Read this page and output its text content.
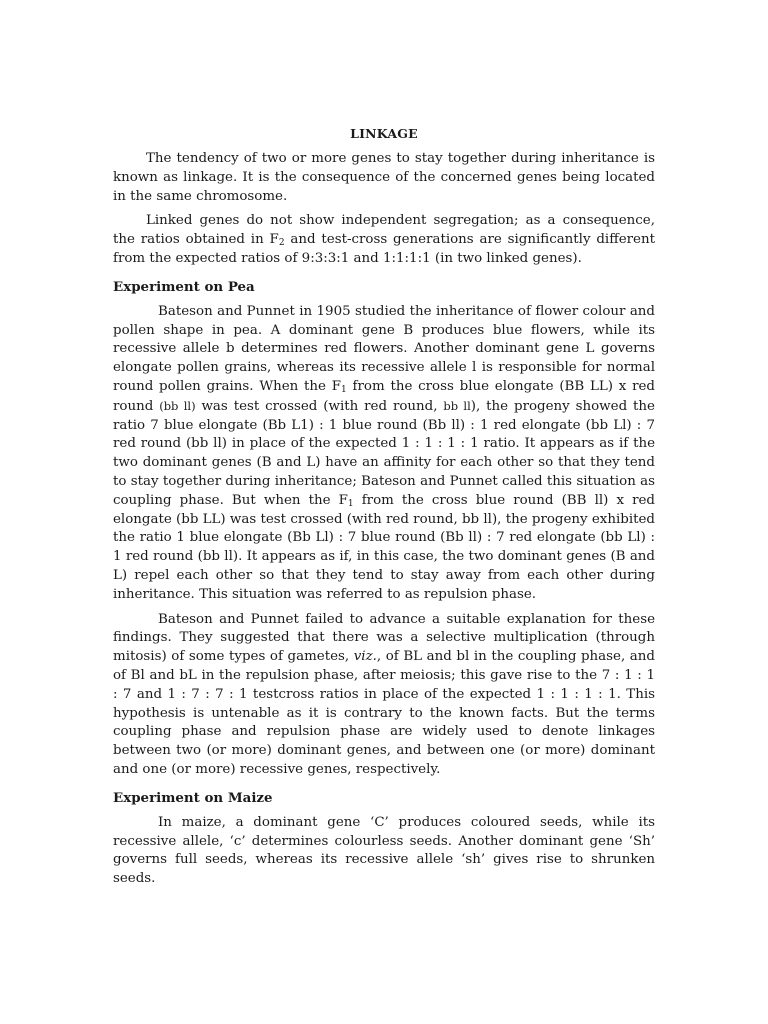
LINKAGE

The tendency of two or more genes to stay together during inheritance is known as linkage. It is the consequence of the concerned genes being located in the same chromosome.

Linked genes do not show independent segregation; as a consequence, the ratios obtained in $F_2$ and test-cross generations are significantly different from the expected ratios of 9:3:3:1 and 1:1:1:1 (in two linked genes).

Experiment on Pea

Bateson and Punnet in 1905 studied the inheritance of flower colour and pollen shape in pea. A dominant gene B produces blue flowers, while its recessive allele b determines red flowers. Another dominant gene L governs elongate pollen grains, whereas its recessive allele l is responsible for normal round pollen grains. When the $F_1$ from the cross blue elongate (BB LL) x red round (bb ll) was test crossed (with red round, bb ll), the progeny showed the ratio 7 blue elongate (Bb L1) : 1 blue round (Bb ll) : 1 red elongate (bb Ll) : 7 red round (bb ll) in place of the expected 1 : 1 : 1 : 1 ratio. It appears as if the two dominant genes (B and L) have an affinity for each other so that they tend to stay together during inheritance; Bateson and Punnet called this situation as coupling phase. But when the $F_1$ from the cross blue round (BB ll) x red elongate (bb LL) was test crossed (with red round, bb ll), the progeny exhibited the ratio 1 blue elongate (Bb Ll) : 7 blue round (Bb ll) : 7 red elongate (bb Ll) : 1 red round (bb ll). It appears as if, in this case, the two dominant genes (B and L) repel each other so that they tend to stay away from each other during inheritance. This situation was referred to as repulsion phase.

Bateson and Punnet failed to advance a suitable explanation for these findings. They suggested that there was a selective multiplication (through mitosis) of some types of gametes, viz., of BL and bl in the coupling phase, and of Bl and bL in the repulsion phase, after meiosis; this gave rise to the 7 : 1 : 1 : 7 and 1 : 7 : 7 : 1 testcross ratios in place of the expected 1 : 1 : 1 : 1. This hypothesis is untenable as it is contrary to the known facts. But the terms coupling phase and repulsion phase are widely used to denote linkages between two (or more) dominant genes, and between one (or more) dominant and one (or more) recessive genes, respectively.

Experiment on Maize

In maize, a dominant gene ‘C’ produces coloured seeds, while its recessive allele, ‘c’ determines colourless seeds. Another dominant gene ‘Sh’ governs full seeds, whereas its recessive allele ‘sh’ gives rise to shrunken seeds.
